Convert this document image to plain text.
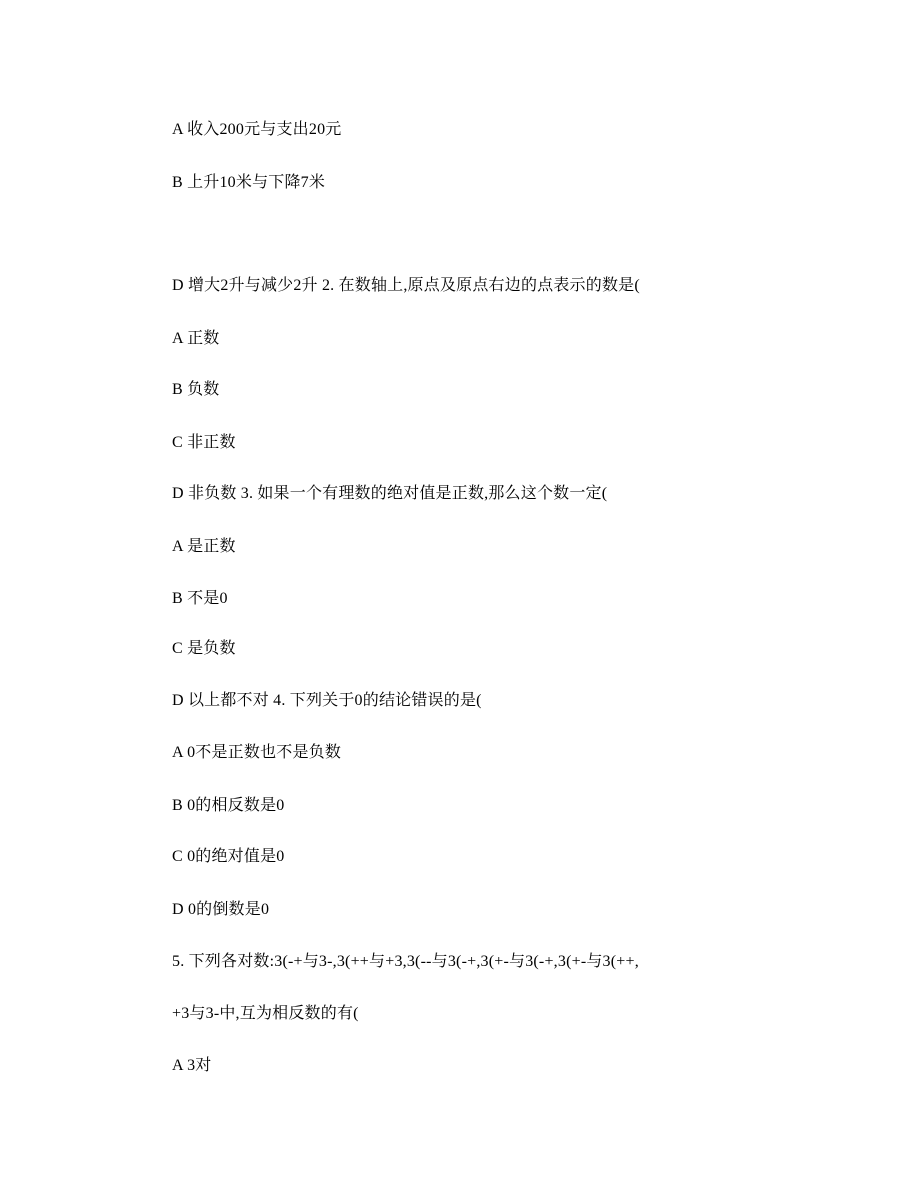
A 收入200元与支出20元
B 上升10米与下降7米
D 增大2升与减少2升 2. 在数轴上,原点及原点右边的点表示的数是(
A 正数
B 负数
C 非正数
D 非负数 3. 如果一个有理数的绝对值是正数,那么这个数一定(
A 是正数
B 不是0
C 是负数
D 以上都不对 4. 下列关于0的结论错误的是(
A 0不是正数也不是负数
B 0的相反数是0
C 0的绝对值是0
D 0的倒数是0
5. 下列各对数:3(-+与3-,3(++与+3,3(--与3(-+,3(+-与3(-+,3(+-与3(++,
+3与3-中,互为相反数的有(
A 3对
